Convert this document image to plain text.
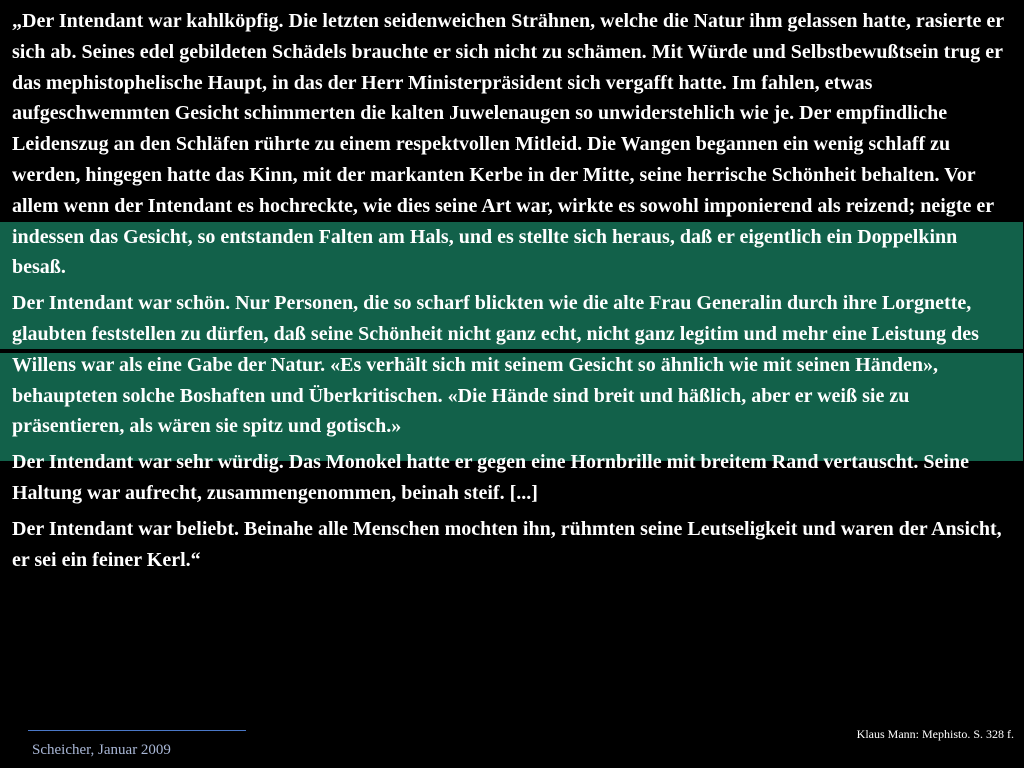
„Der Intendant war kahlköpfig. Die letzten seidenweichen Strähnen, welche die Natur ihm gelassen hatte, rasierte er sich ab. Seines edel gebildeten Schädels brauchte er sich nicht zu schämen. Mit Würde und Selbstbewußtsein trug er das mephistophelische Haupt, in das der Herr Ministerpräsident sich vergafft hatte. Im fahlen, etwas aufgeschwemmten Gesicht schimmerten die kalten Juwelenaugen so unwiderstehlich wie je. Der empfindliche Leidenszug an den Schläfen rührte zu einem respektvollen Mitleid. Die Wangen begannen ein wenig schlaff zu werden, hingegen hatte das Kinn, mit der markanten Kerbe in der Mitte, seine herrische Schönheit behalten. Vor allem wenn der Intendant es hochreckte, wie dies seine Art war, wirkte es sowohl imponierend als reizend; neigte er indessen das Gesicht, so entstanden Falten am Hals, und es stellte sich heraus, daß er eigentlich ein Doppelkinn besaß.

Der Intendant war schön. Nur Personen, die so scharf blickten wie die alte Frau Generalin durch ihre Lorgnette, glaubten feststellen zu dürfen, daß seine Schönheit nicht ganz echt, nicht ganz legitim und mehr eine Leistung des Willens war als eine Gabe der Natur. «Es verhält sich mit seinem Gesicht so ähnlich wie mit seinen Händen», behaupteten solche Boshaften und Überkritischen. «Die Hände sind breit und häßlich, aber er weiß sie zu präsentieren, als wären sie spitz und gotisch.»

Der Intendant war sehr würdig. Das Monokel hatte er gegen eine Hornbrille mit breitem Rand vertauscht. Seine Haltung war aufrecht, zusammengenommen, beinah steif. [...]

Der Intendant war beliebt. Beinahe alle Menschen mochten ihn, rühmten seine Leutseligkeit und waren der Ansicht, er sei ein feiner Kerl.“

Scheicher, Januar 2009
Klaus Mann: Mephisto. S. 328 f.
